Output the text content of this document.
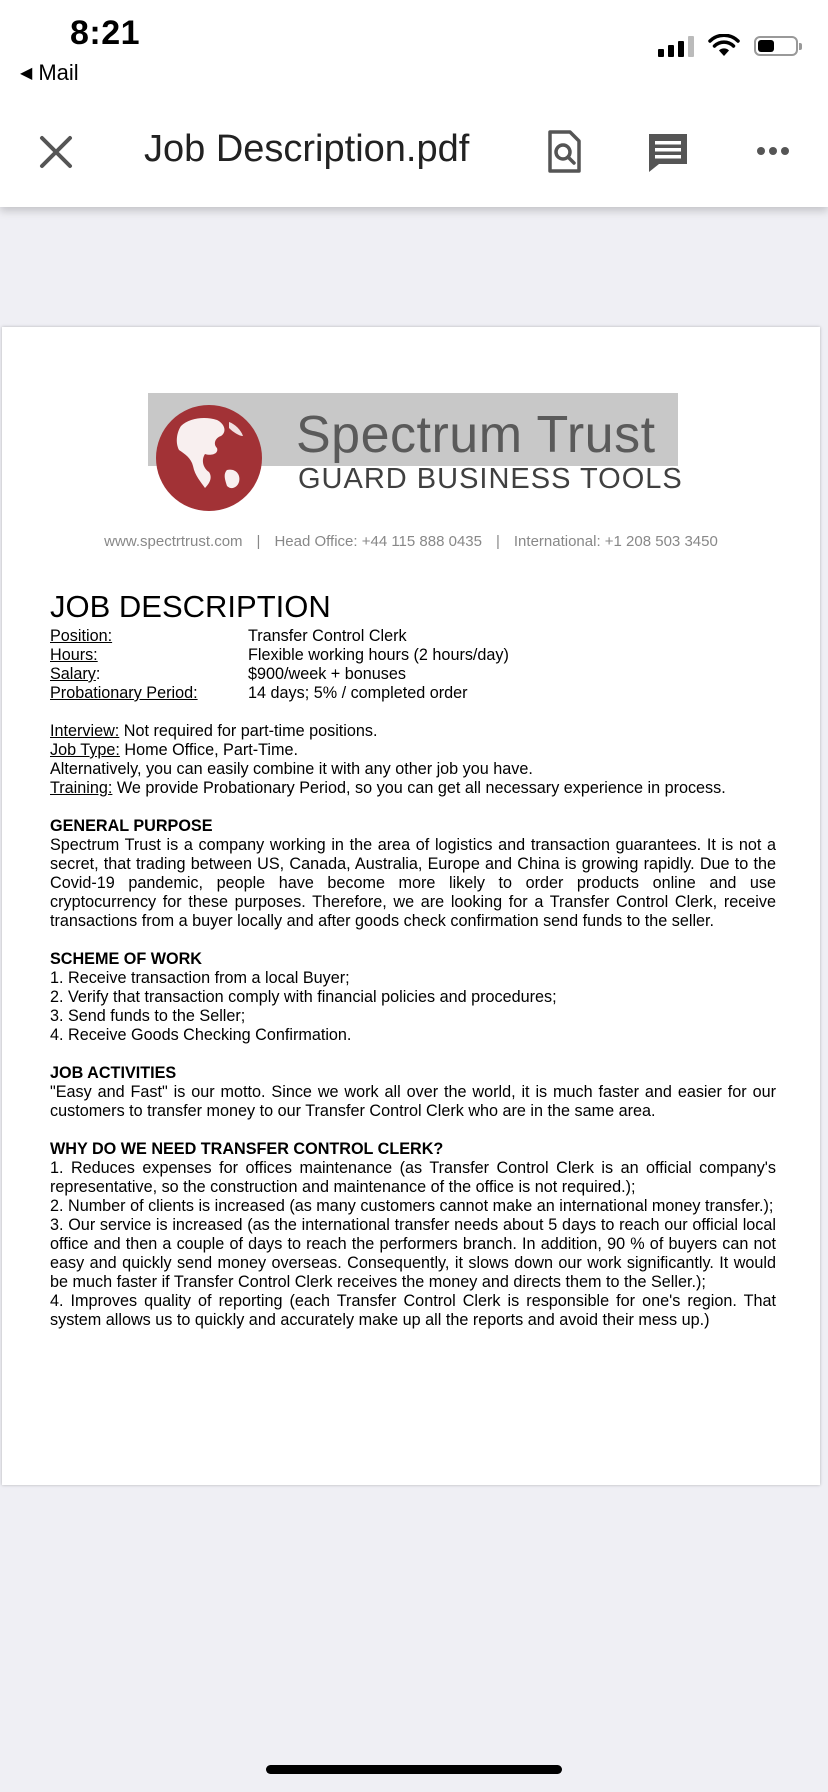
8:21
◀ Mail
Job Description.pdf
Spectrum Trust
GUARD BUSINESS TOOLS
www.spectrtrust.com | Head Office: +44 115 888 0435 | International: +1 208 503 3450
JOB DESCRIPTION
Position:	Transfer Control Clerk
Hours:	Flexible working hours (2 hours/day)
Salary:	$900/week + bonuses
Probationary Period:	14 days; 5% / completed order
Interview: Not required for part-time positions.
Job Type: Home Office, Part-Time.
Alternatively, you can easily combine it with any other job you have.
Training: We provide Probationary Period, so you can get all necessary experience in process.
GENERAL PURPOSE
Spectrum Trust is a company working in the area of logistics and transaction guarantees. It is not a secret, that trading between US, Canada, Australia, Europe and China is growing rapidly. Due to the Covid-19 pandemic, people have become more likely to order products online and use cryptocurrency for these purposes. Therefore, we are looking for a Transfer Control Clerk, receive transactions from a buyer locally and after goods check confirmation send funds to the seller.
SCHEME OF WORK
1. Receive transaction from a local Buyer;
2. Verify that transaction comply with financial policies and procedures;
3. Send funds to the Seller;
4. Receive Goods Checking Confirmation.
JOB ACTIVITIES
"Easy and Fast" is our motto. Since we work all over the world, it is much faster and easier for our customers to transfer money to our Transfer Control Clerk who are in the same area.
WHY DO WE NEED TRANSFER CONTROL CLERK?
1. Reduces expenses for offices maintenance (as Transfer Control Clerk is an official company's representative, so the construction and maintenance of the office is not required.);
2. Number of clients is increased (as many customers cannot make an international money transfer.);
3. Our service is increased (as the international transfer needs about 5 days to reach our official local office and then a couple of days to reach the performers branch. In addition, 90 % of buyers can not easy and quickly send money overseas. Consequently, it slows down our work significantly. It would be much faster if Transfer Control Clerk receives the money and directs them to the Seller.);
4. Improves quality of reporting (each Transfer Control Clerk is responsible for one's region. That system allows us to quickly and accurately make up all the reports and avoid their mess up.)
